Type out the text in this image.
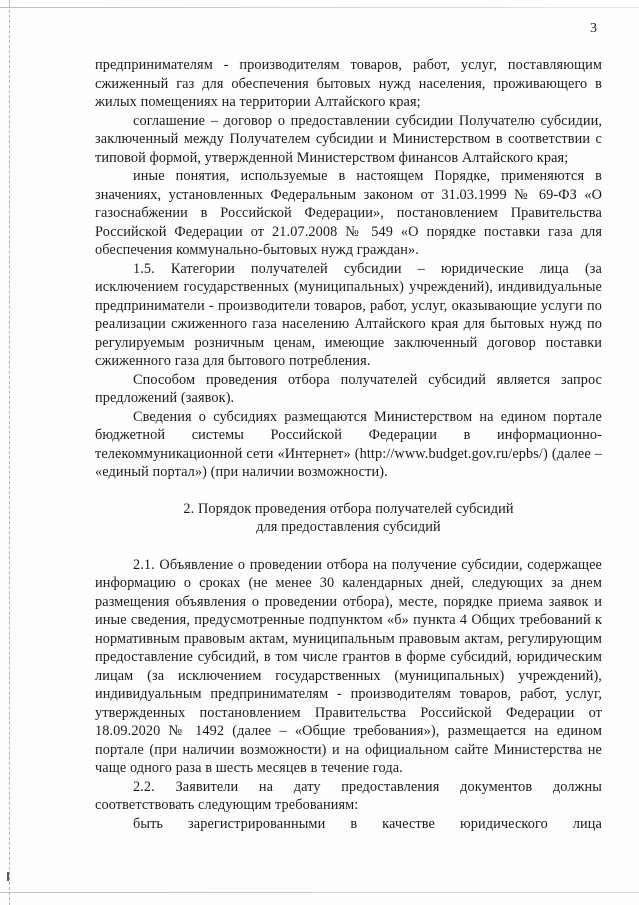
3

предпринимателям - производителям товаров, работ, услуг, поставляющим сжиженный газ для обеспечения бытовых нужд населения, проживающего в жилых помещениях на территории Алтайского края;

соглашение – договор о предоставлении субсидии Получателю субсидии, заключенный между Получателем субсидии и Министерством в соответствии с типовой формой, утвержденной Министерством финансов Алтайского края;

иные понятия, используемые в настоящем Порядке, применяются в значениях, установленных Федеральным законом от 31.03.1999 № 69-ФЗ «О газоснабжении в Российской Федерации», постановлением Правительства Российской Федерации от 21.07.2008 № 549 «О порядке поставки газа для обеспечения коммунально-бытовых нужд граждан».

1.5. Категории получателей субсидии – юридические лица (за исключением государственных (муниципальных) учреждений), индивидуальные предприниматели - производители товаров, работ, услуг, оказывающие услуги по реализации сжиженного газа населению Алтайского края для бытовых нужд по регулируемым розничным ценам, имеющие заключенный договор поставки сжиженного газа для бытового потребления.

Способом проведения отбора получателей субсидий является запрос предложений (заявок).

Сведения о субсидиях размещаются Министерством на едином портале бюджетной системы Российской Федерации в информационно-телекоммуникационной сети «Интернет» (http://www.budget.gov.ru/epbs/) (далее – «единый портал») (при наличии возможности).

2. Порядок проведения отбора получателей субсидий
для предоставления субсидий

2.1. Объявление о проведении отбора на получение субсидии, содержащее информацию о сроках (не менее 30 календарных дней, следующих за днем размещения объявления о проведении отбора), месте, порядке приема заявок и иные сведения, предусмотренные подпунктом «б» пункта 4 Общих требований к нормативным правовым актам, муниципальным правовым актам, регулирующим предоставление субсидий, в том числе грантов в форме субсидий, юридическим лицам (за исключением государственных (муниципальных) учреждений), индивидуальным предпринимателям - производителям товаров, работ, услуг, утвержденных постановлением Правительства Российской Федерации от 18.09.2020 № 1492 (далее – «Общие требования»), размещается на едином портале (при наличии возможности) и на официальном сайте Министерства не чаще одного раза в шесть месяцев в течение года.

2.2. Заявители на дату предоставления документов должны соответствовать следующим требованиям:

быть зарегистрированными в качестве юридического лица
